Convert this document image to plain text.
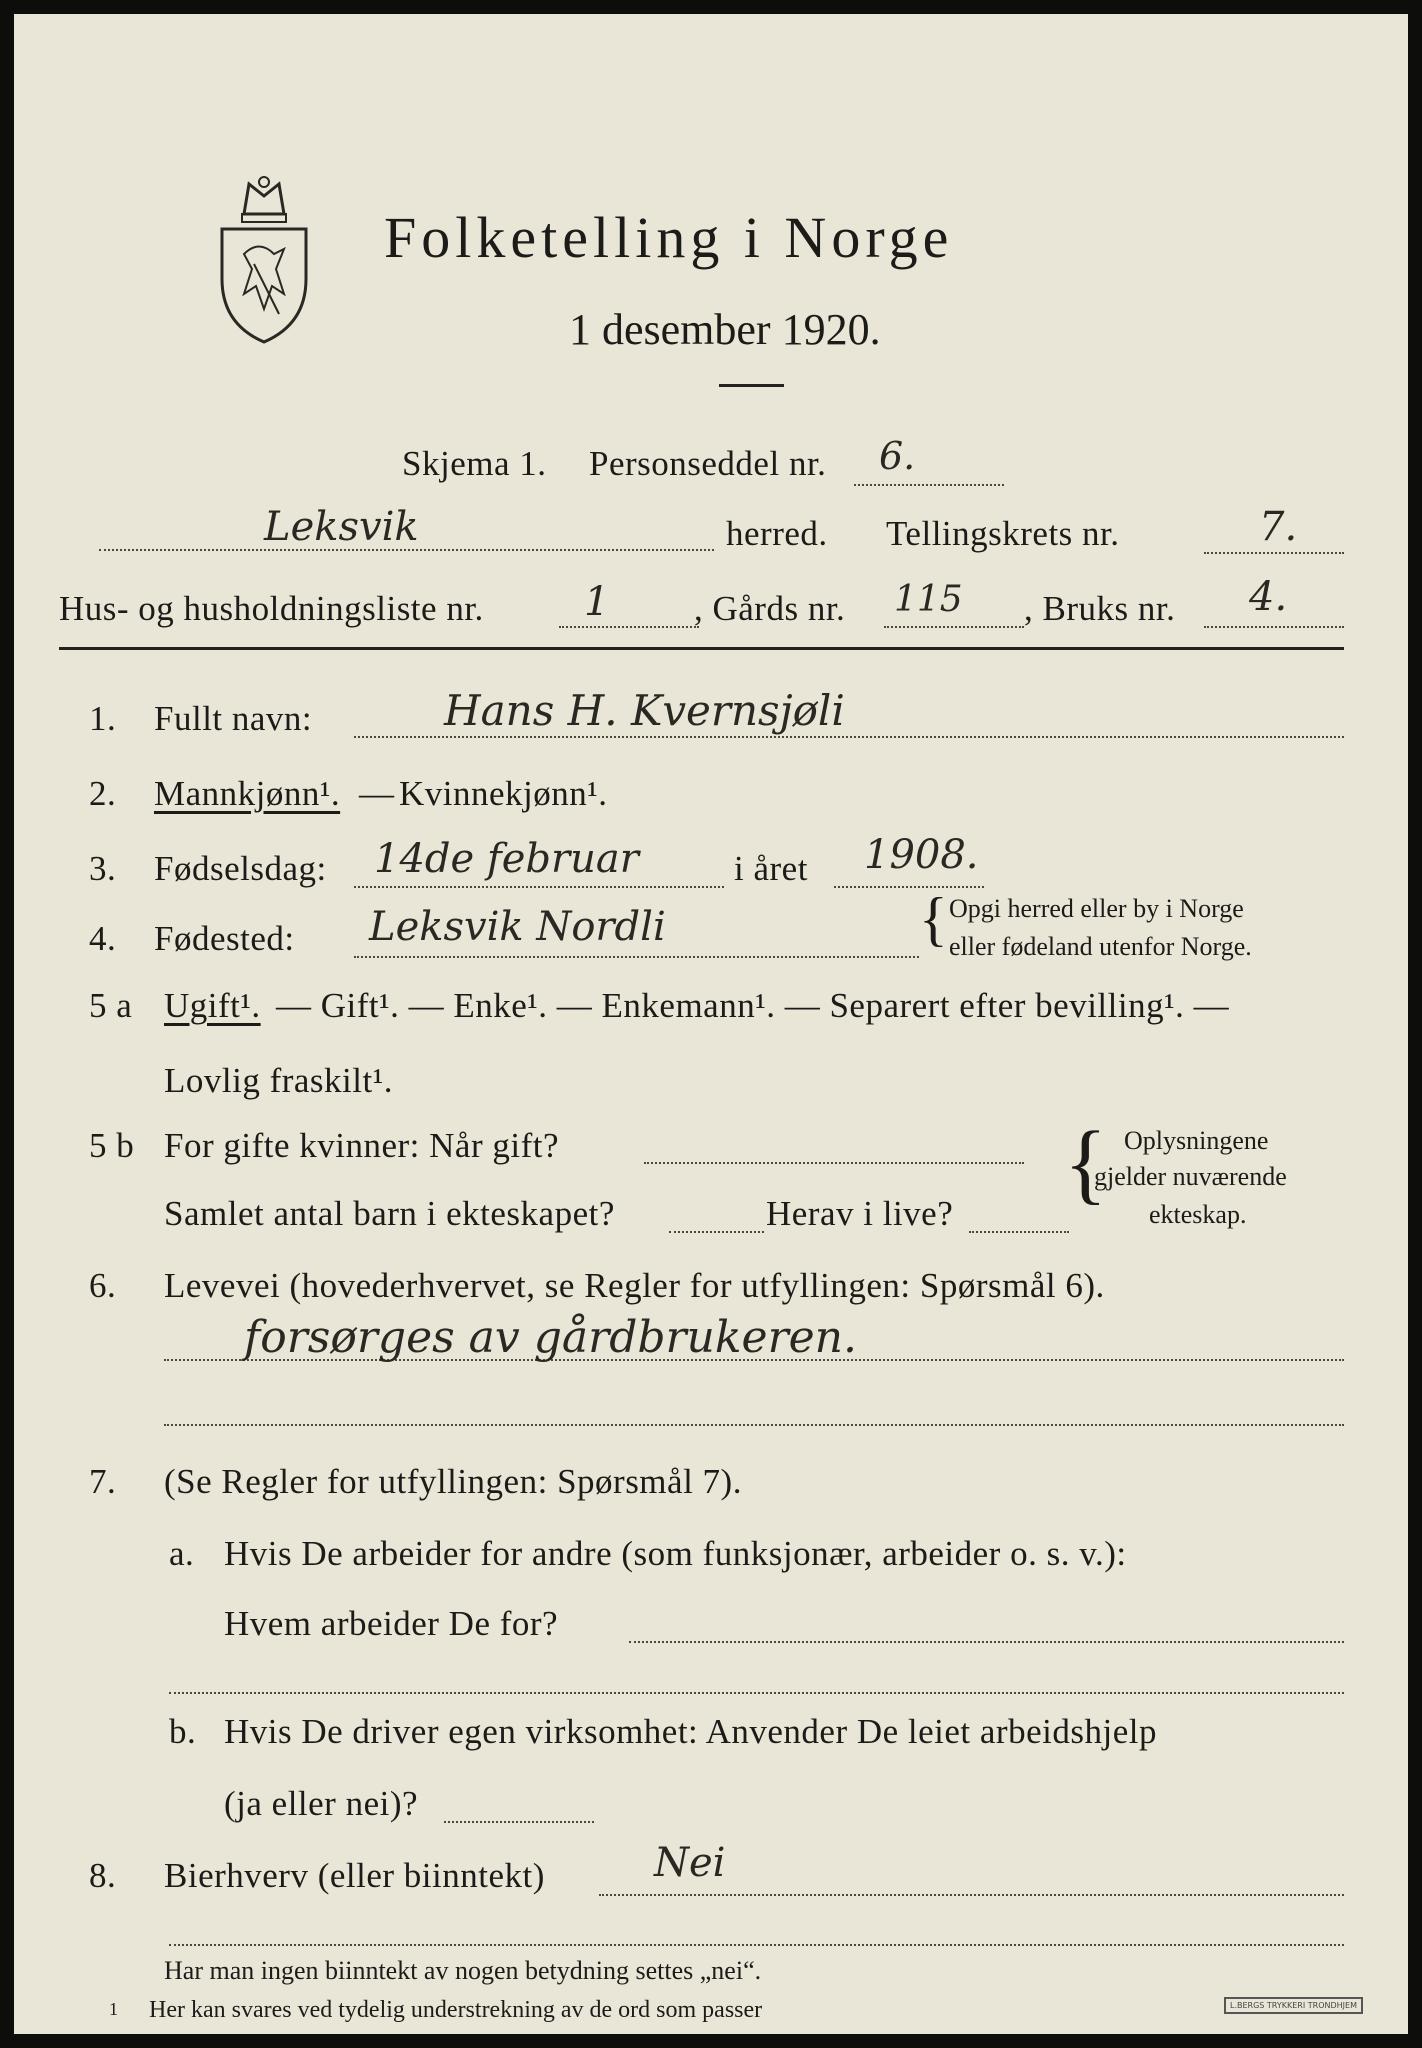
Folketelling i Norge
1 desember 1920.
Skjema 1. Personseddel nr. 6.
Leksvik	herred. Tellingskrets nr.	7.
Hus- og husholdningsliste nr.	1 , Gårds nr. 115 , Bruks nr. 4.
1. Fullt navn:	Hans H. Kvernsjøli
2. Mannkjønn¹. — Kvinnekjønn¹.
3. Fødselsdag: 14de februar	i året 1908.
4. Fødested: Leksvik Nordli	{ Opgi herred eller by i Norge
eller fødeland utenfor Norge.
5 a Ugift¹. — Gift¹. — Enke¹. — Enkemann¹. — Separert efter bevilling¹. —
Lovlig fraskilt¹.
5 b For gifte kvinner: Når gift?
Samlet antal barn i ekteskapet?	Herav i live?
{ Oplysningene
gjelder nuværende
ekteskap.
6. Levevei (hovederhvervet, se Regler for utfyllingen: Spørsmål 6).
forsørges av gårdbrukeren.
7. (Se Regler for utfyllingen: Spørsmål 7).
a. Hvis De arbeider for andre (som funksjonær, arbeider o. s. v.):
Hvem arbeider De for?
b. Hvis De driver egen virksomhet: Anvender De leiet arbeidshjelp
(ja eller nei)?
8. Bierhverv (eller biinntekt)	Nei
Har man ingen biinntekt av nogen betydning settes „nei“.
1 Her kan svares ved tydelig understrekning av de ord som passer	L.BERGS TRYKKERI TRONDHJEM
